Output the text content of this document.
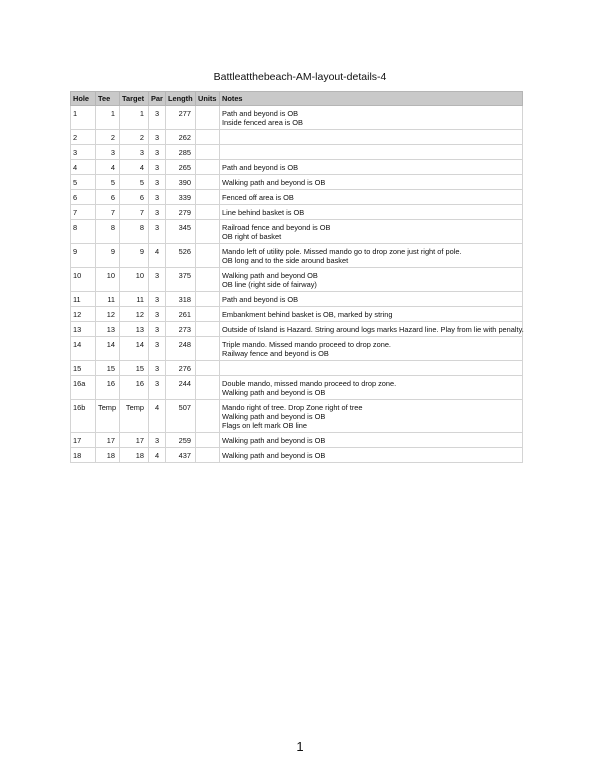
Battleatthebeach-AM-layout-details-4
Hole	Tee	Target	Par	Length	Units	Notes
1	1	1	3	277		Path and beyond is OB
Inside fenced area is OB

2	2	2	3	262		

3	3	3	3	285		

4	4	4	3	265		Path and beyond is OB

5	5	5	3	390		Walking path and beyond is OB

6	6	6	3	339		Fenced off area is OB

7	7	7	3	279		Line behind basket is OB

8	8	8	3	345		Railroad fence and beyond is OB
OB right of basket

9	9	9	4	526		Mando left of utility pole. Missed mando go to drop zone just right of pole.
OB long and to the side around basket

10	10	10	3	375		Walking path and beyond OB
OB line (right side of fairway)

11	11	11	3	318		Path and beyond is OB

12	12	12	3	261		Embankment behind basket is OB, marked by string

13	13	13	3	273		Outside of Island is Hazard. String around logs marks Hazard line. Play from lie with penalty.

14	14	14	3	248		Triple mando. Missed mando proceed to drop zone.
Railway fence and beyond is OB

15	15	15	3	276		

16a	16	16	3	244		Double mando, missed mando proceed to drop zone.
Walking path and beyond is OB

16b	Temp	Temp	4	507		Mando right of tree. Drop Zone right of tree
Walking path and beyond is OB
Flags on left mark OB line

17	17	17	3	259		Walking path and beyond is OB

18	18	18	4	437		Walking path and beyond is OB
1
